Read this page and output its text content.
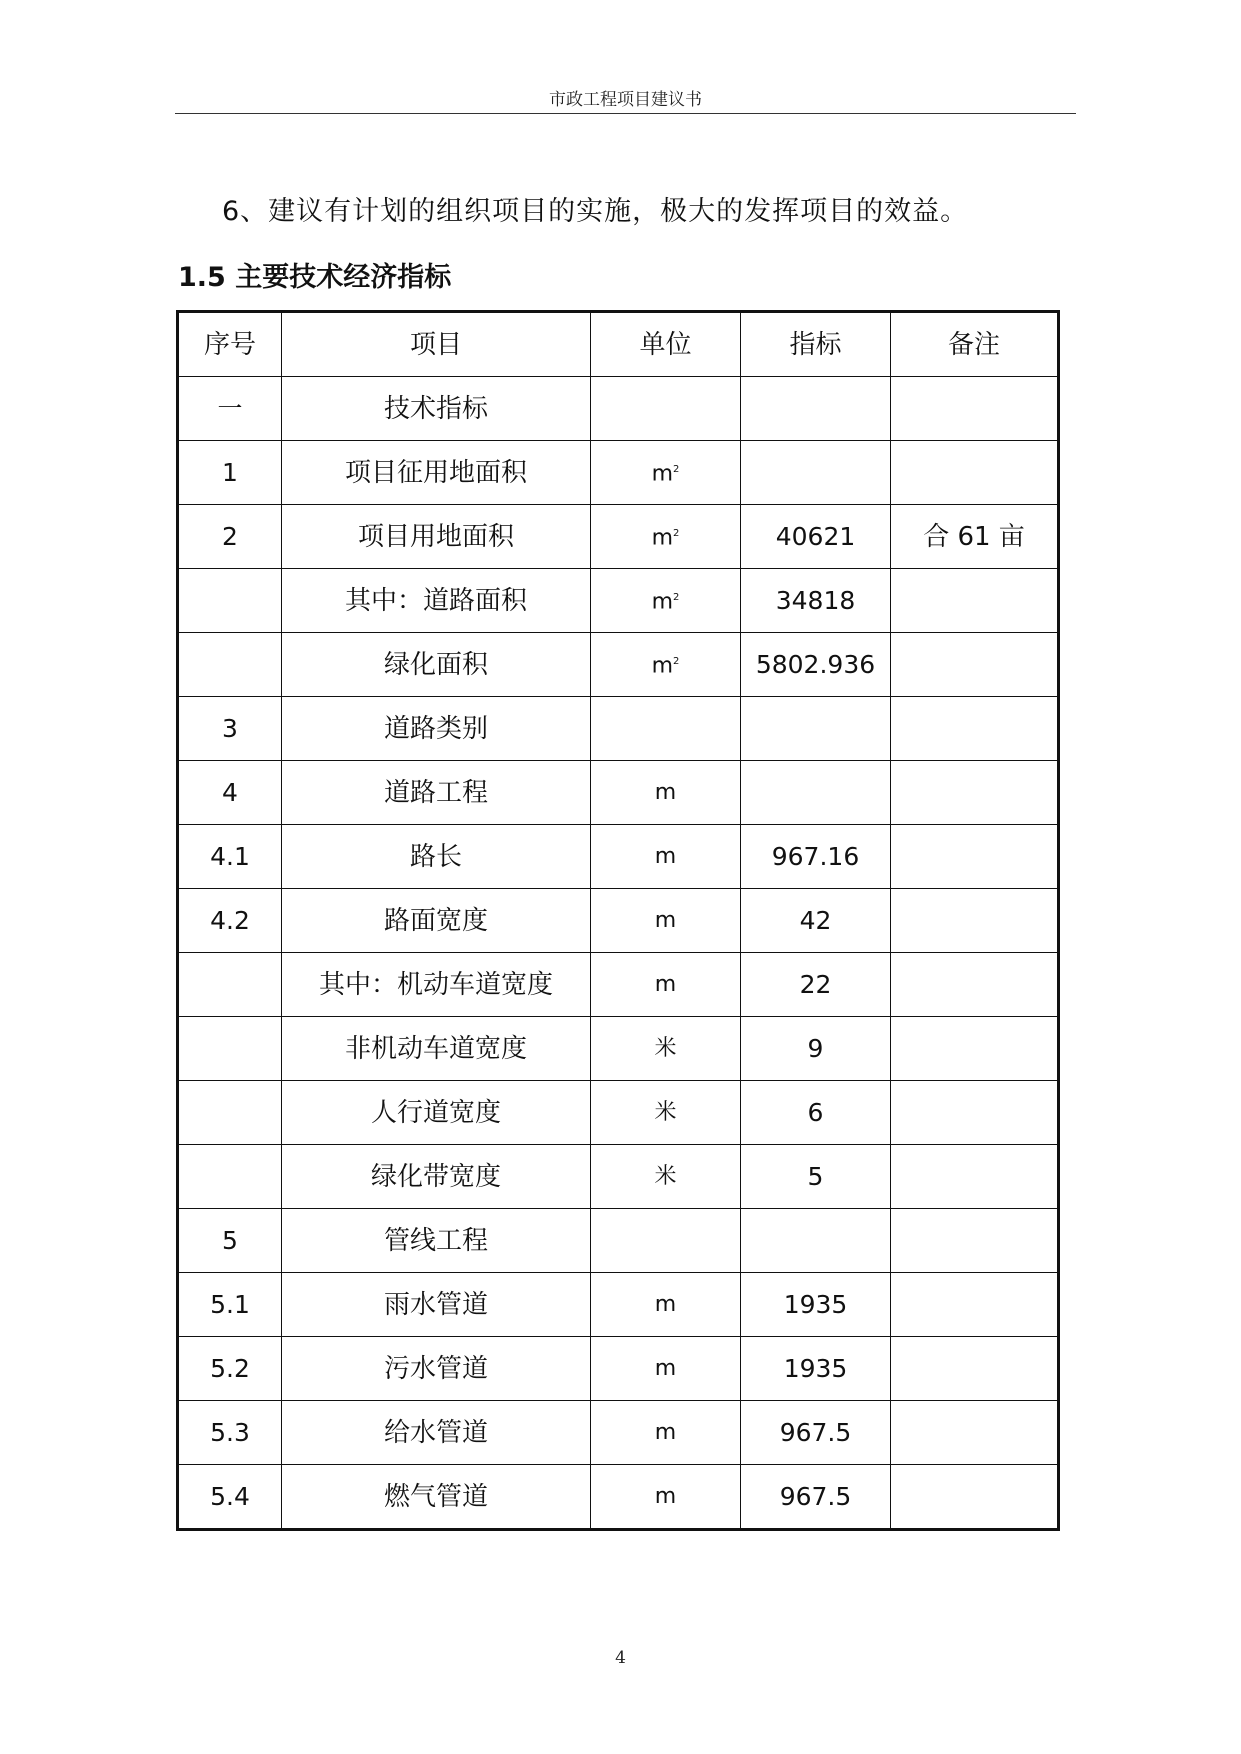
市政工程项目建议书
6、建议有计划的组织项目的实施，极大的发挥项目的效益。
1.5 主要技术经济指标
序号	项目	单位	指标	备注
一	技术指标			
1	项目征用地面积	$m^2$		
2	项目用地面积	$m^2$	40621	合 61 亩
	其中：道路面积	$m^2$	34818	
	绿化面积	$m^2$	5802.936	
3	道路类别			
4	道路工程	m		
4.1	路长	m	967.16	
4.2	路面宽度	m	42	
	其中：机动车道宽度	m	22	
	非机动车道宽度	米	9	
	人行道宽度	米	6	
	绿化带宽度	米	5	
5	管线工程			
5.1	雨水管道	m	1935	
5.2	污水管道	m	1935	
5.3	给水管道	m	967.5	
5.4	燃气管道	m	967.5	
4
